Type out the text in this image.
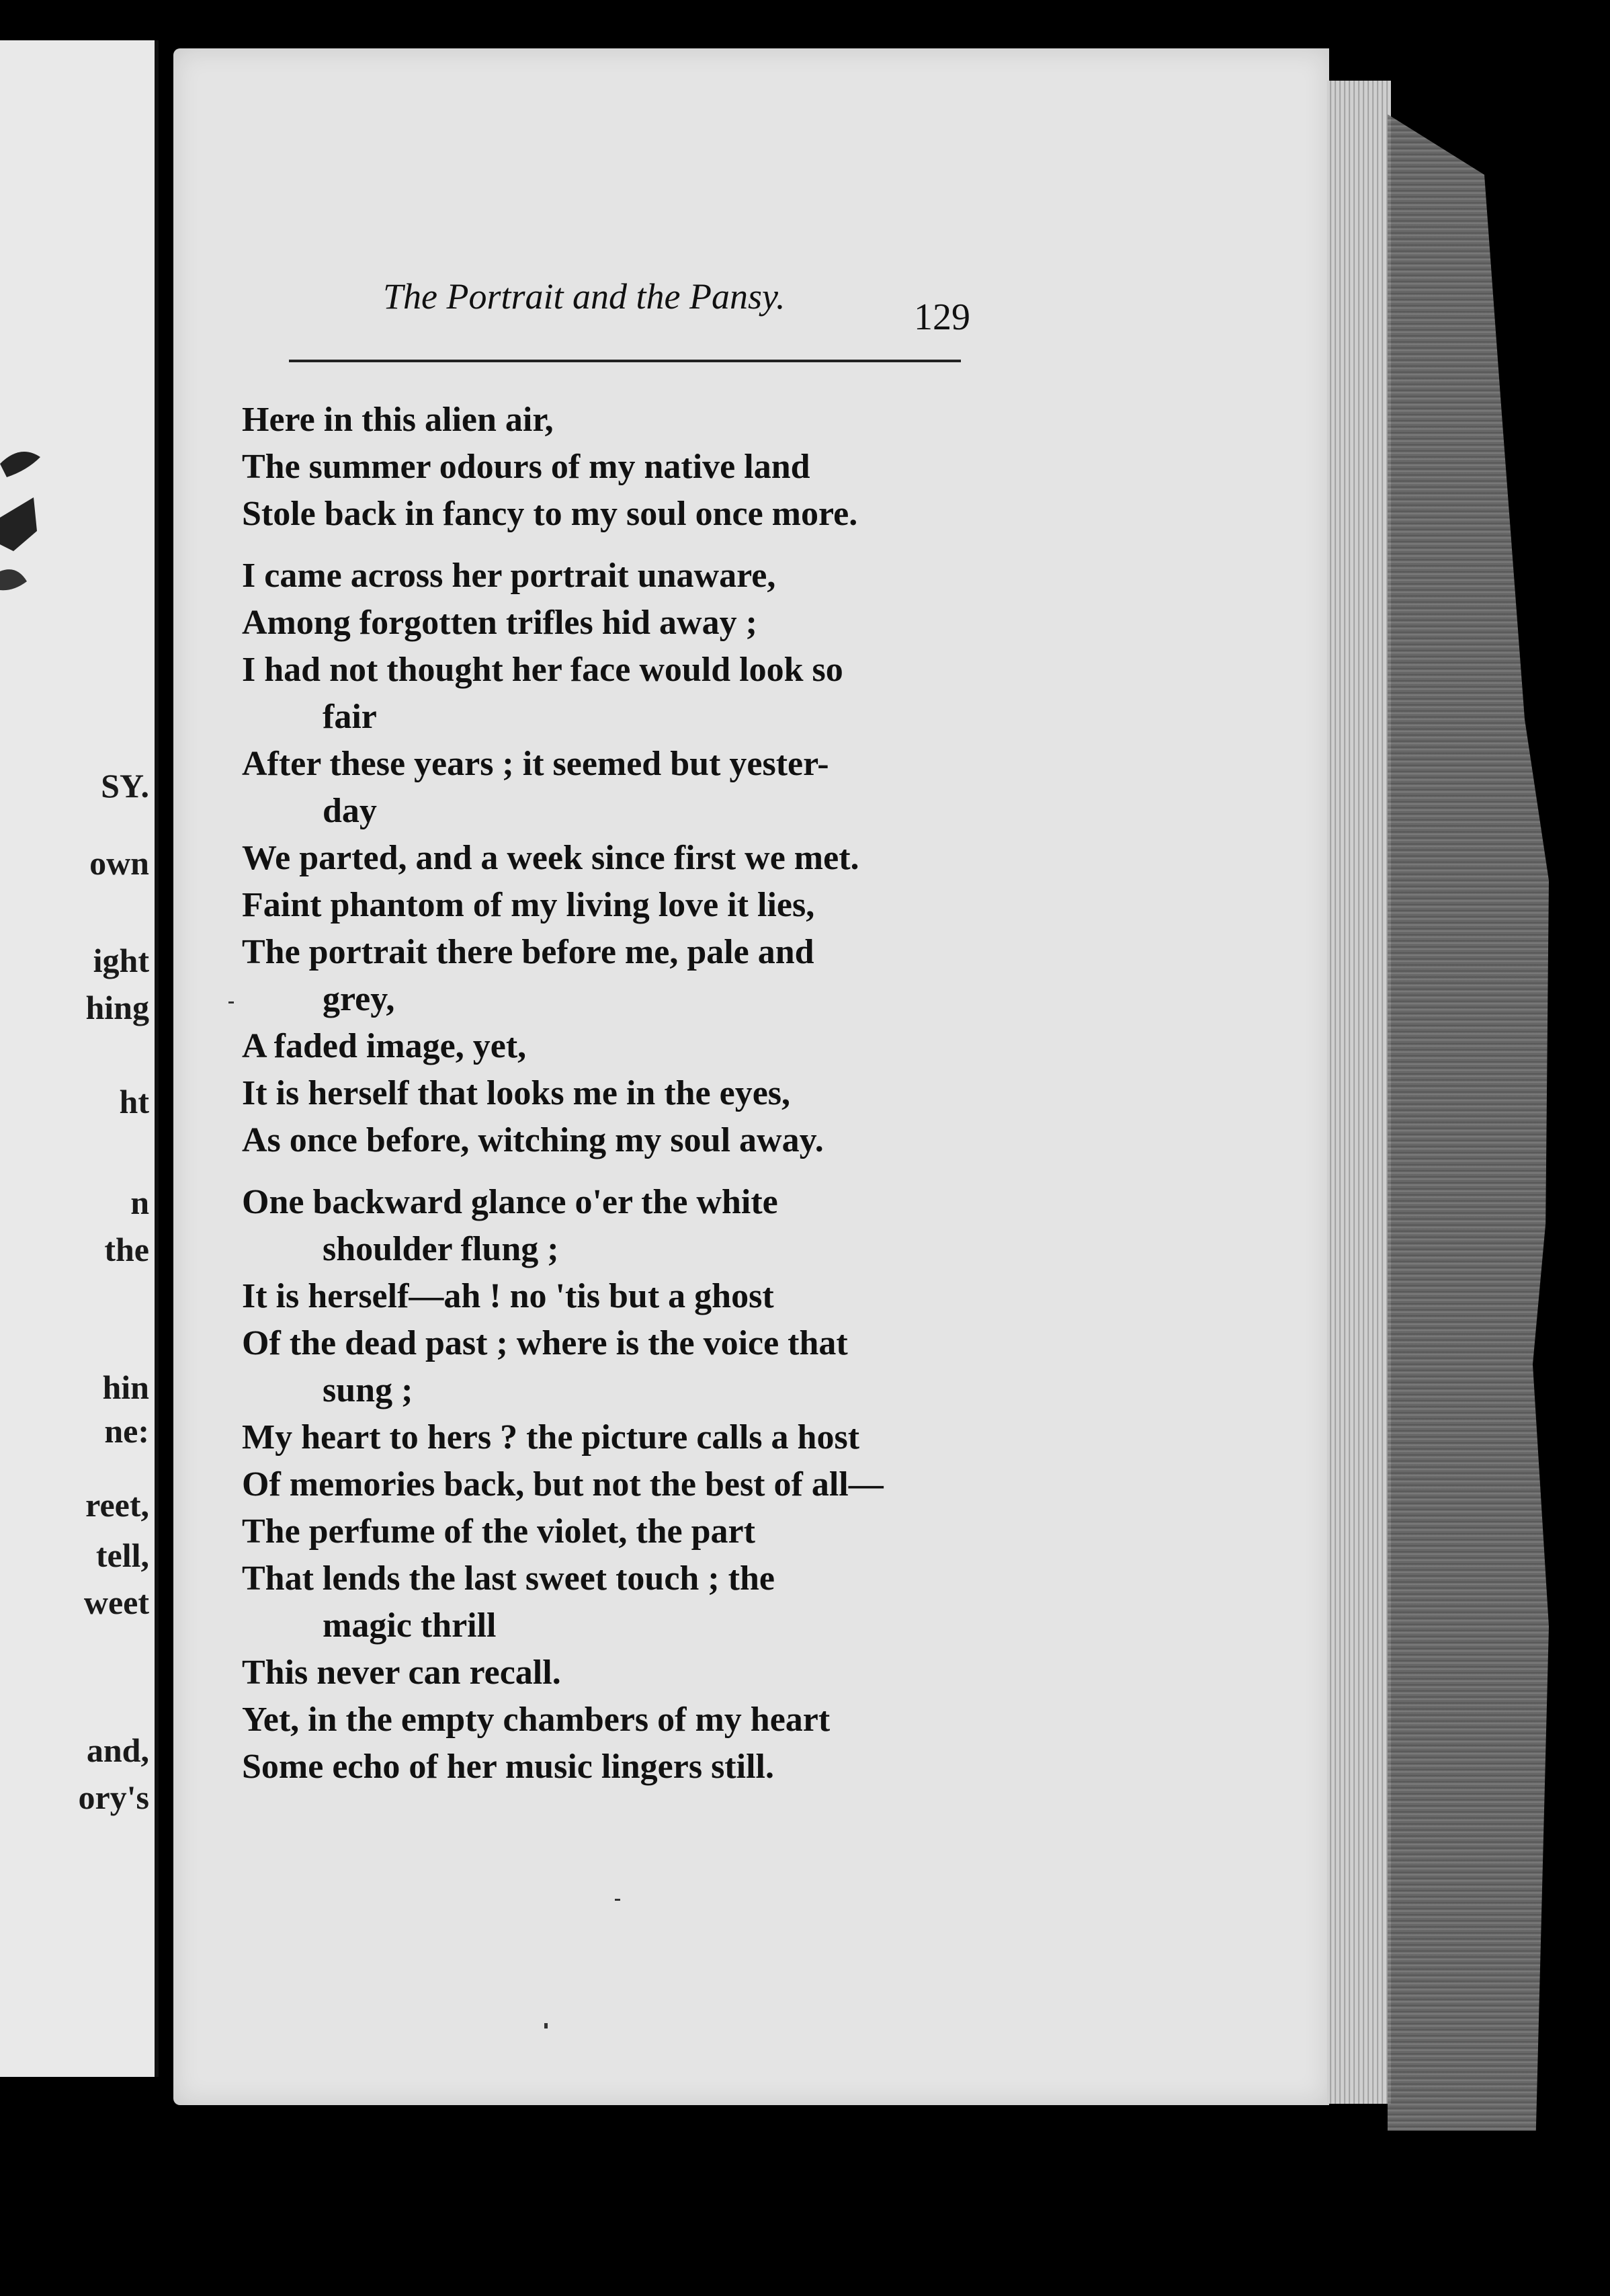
SY.
own
ight
hing
ht
n
the
hin
ne:
reet,
tell,
weet
and,
ory's
The Portrait and the Pansy.	129
Here in this alien air,
The summer odours of my native land
Stole back in fancy to my soul once more.
I came across her portrait unaware,
Among forgotten trifles hid away ;
I had not thought her face would look so
fair
After these years ; it seemed but yester-
day
We parted, and a week since first we met.
Faint phantom of my living love it lies,
The portrait there before me, pale and
grey,
A faded image, yet,
It is herself that looks me in the eyes,
As once before, witching my soul away.
One backward glance o'er the white
shoulder flung ;
It is herself—ah ! no 'tis but a ghost
Of the dead past ; where is the voice that
sung ;
My heart to hers ? the picture calls a host
Of memories back, but not the best of all—
The perfume of the violet, the part
That lends the last sweet touch ; the
magic thrill
This never can recall.
Yet, in the empty chambers of my heart
Some echo of her music lingers still.
